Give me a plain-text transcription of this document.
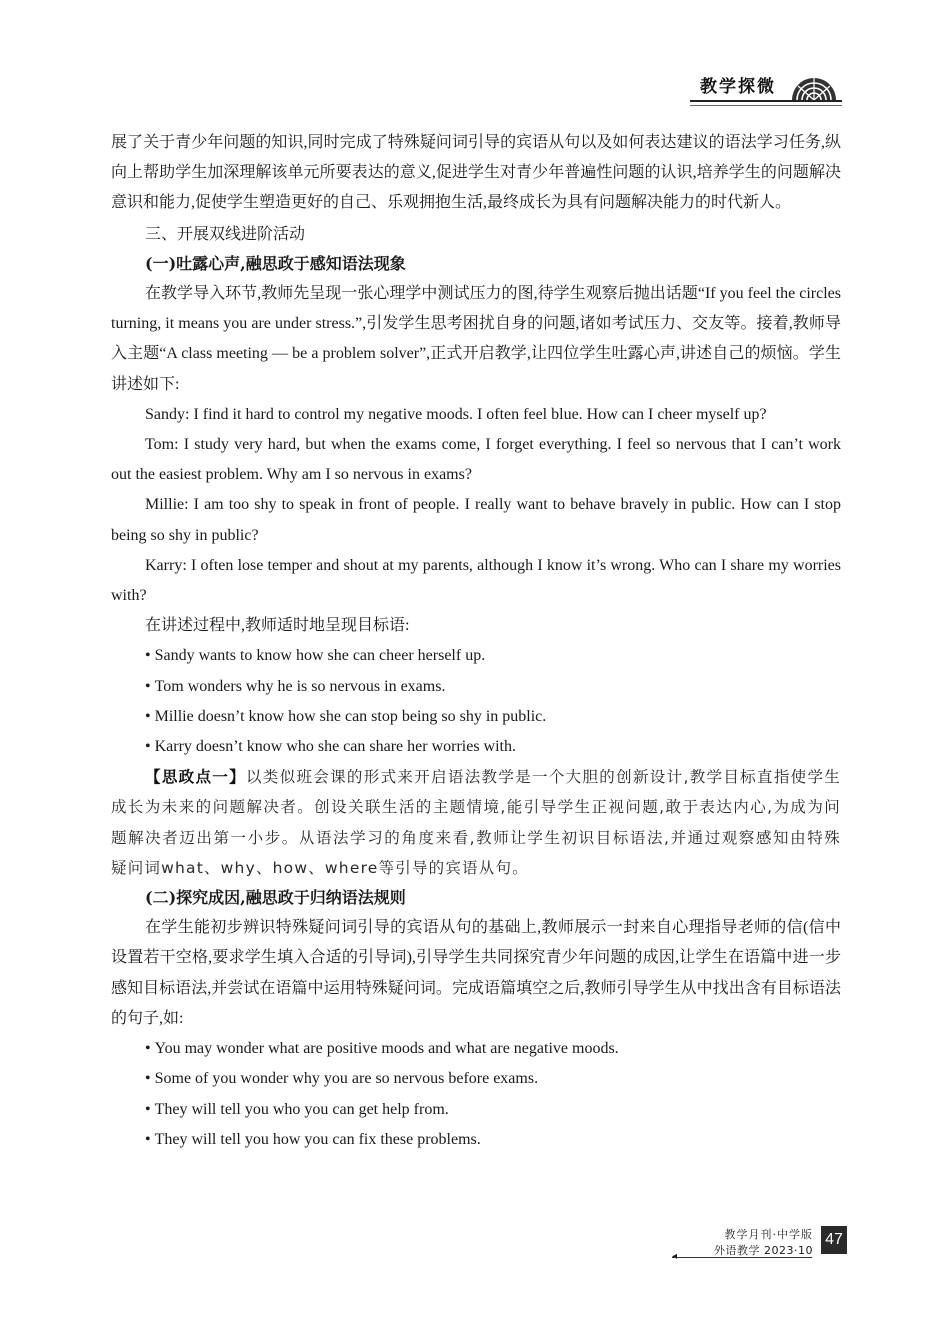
教学探微

展了关于青少年问题的知识,同时完成了特殊疑问词引导的宾语从句以及如何表达建议的语法学习任务,纵向上帮助学生加深理解该单元所要表达的意义,促进学生对青少年普遍性问题的认识,培养学生的问题解决意识和能力,促使学生塑造更好的自己、乐观拥抱生活,最终成长为具有问题解决能力的时代新人。

三、开展双线进阶活动

(一)吐露心声,融思政于感知语法现象

在教学导入环节,教师先呈现一张心理学中测试压力的图,待学生观察后抛出话题“If you feel the circles turning, it means you are under stress.”,引发学生思考困扰自身的问题,诸如考试压力、交友等。接着,教师导入主题“A class meeting — be a problem solver”,正式开启教学,让四位学生吐露心声,讲述自己的烦恼。学生讲述如下:

Sandy: I find it hard to control my negative moods. I often feel blue. How can I cheer myself up?

Tom: I study very hard, but when the exams come, I forget everything. I feel so nervous that I can’t work out the easiest problem. Why am I so nervous in exams?

Millie: I am too shy to speak in front of people. I really want to behave bravely in public. How can I stop being so shy in public?

Karry: I often lose temper and shout at my parents, although I know it’s wrong. Who can I share my worries with?

在讲述过程中,教师适时地呈现目标语:

• Sandy wants to know how she can cheer herself up.

• Tom wonders why he is so nervous in exams.

• Millie doesn’t know how she can stop being so shy in public.

• Karry doesn’t know who she can share her worries with.

【思政点一】以类似班会课的形式来开启语法教学是一个大胆的创新设计,教学目标直指使学生成长为未来的问题解决者。创设关联生活的主题情境,能引导学生正视问题,敢于表达内心,为成为问题解决者迈出第一小步。从语法学习的角度来看,教师让学生初识目标语法,并通过观察感知由特殊疑问词what、why、how、where等引导的宾语从句。

(二)探究成因,融思政于归纳语法规则

在学生能初步辨识特殊疑问词引导的宾语从句的基础上,教师展示一封来自心理指导老师的信(信中设置若干空格,要求学生填入合适的引导词),引导学生共同探究青少年问题的成因,让学生在语篇中进一步感知目标语法,并尝试在语篇中运用特殊疑问词。完成语篇填空之后,教师引导学生从中找出含有目标语法的句子,如:

• You may wonder what are positive moods and what are negative moods.

• Some of you wonder why you are so nervous before exams.

• They will tell you who you can get help from.

• They will tell you how you can fix these problems.

教学月刊·中学版
外语教学 2023·10
47
